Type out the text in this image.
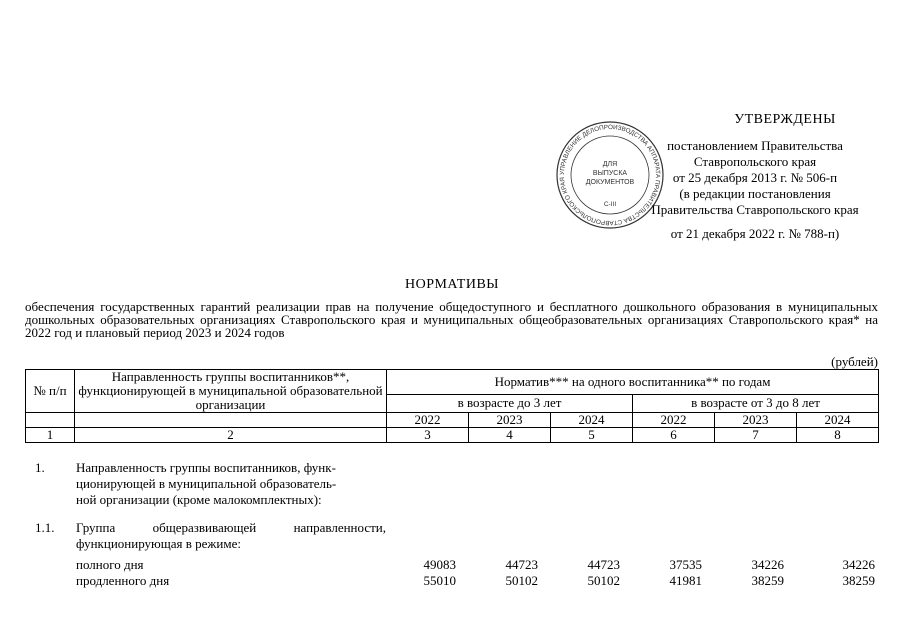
УПРАВЛЕНИЕ ДЕЛОПРОИЗВОДСТВА АППАРАТА ПРАВИТЕЛЬСТВА СТАВРОПОЛЬСКОГО КРАЯ
ДЛЯ
ВЫПУСКА
ДОКУМЕНТОВ
С-III
УТВЕРЖДЕНЫ
постановлением Правительства
Ставропольского края
от 25 декабря 2013 г. № 506-п
(в редакции постановления
Правительства Ставропольского края
от 21 декабря 2022 г. № 788-п)
НОРМАТИВЫ
обеспечения государственных гарантий реализации прав на получение общедоступного и бесплатного дошкольного образования в муниципальных дошкольных образовательных организациях Ставропольского края и муниципальных общеобразовательных организациях Ставропольского края* на 2022 год и плановый период 2023 и 2024 годов
(рублей)
№ п/п	Направленность группы воспитанников**, функционирующей в муниципальной образовательной организации	Норматив*** на одного воспитанника** по годам					
		в возрасте до 3 лет			в возрасте от 3 до 8 лет		
		2022	2023	2024	2022	2023	2024
1	2	3	4	5	6	7	8
1. Направленность группы воспитанников, функ-
ционирующей в муниципальной образователь-
ной организации (кроме малокомплектных):
1.1. Группа общеразвивающей направленности,
функционирующая в режиме:
полного дня	49083	44723	44723	37535	34226	34226
продленного дня	55010	50102	50102	41981	38259	38259
